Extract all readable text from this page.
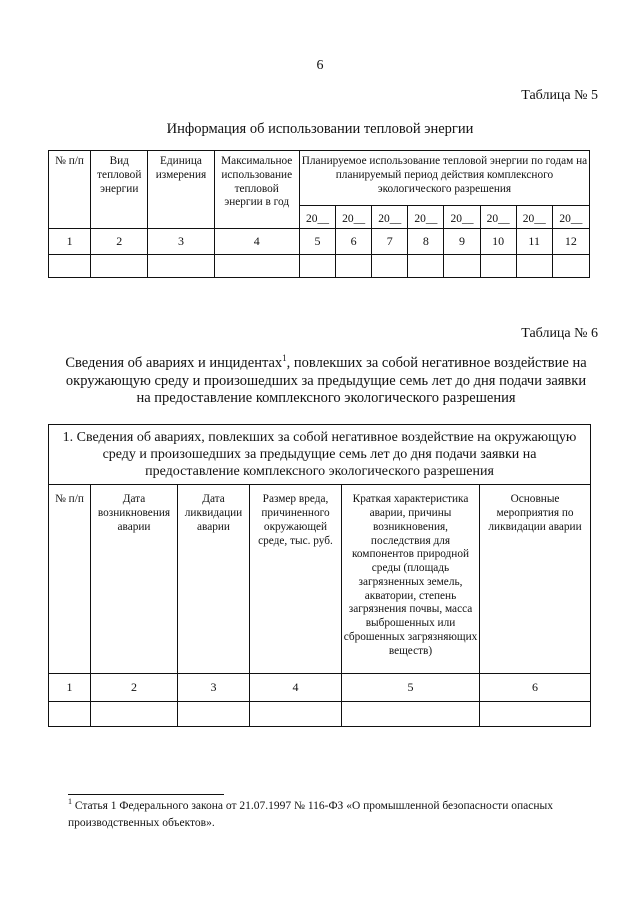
6
Таблица № 5
Информация об использовании тепловой энергии
№ п/п	Вид тепловой энергии	Единица измерения	Максимальное использование тепловой энергии в год	Планируемое использование тепловой энергии по годам на планируемый период действия комплексного экологического разрешения							
				20__	20__	20__	20__	20__	20__	20__	20__
1	2	3	4	5	6	7	8	9	10	11	12

Таблица № 6
Сведения об авариях и инцидентах$^1$, повлекших за собой негативное воздействие на окружающую среду и произошедших за предыдущие семь лет до дня подачи заявки на предоставление комплексного экологического разрешения
1. Сведения об авариях, повлекших за собой негативное воздействие на окружающую среду и произошедших за предыдущие семь лет до дня подачи заявки на предоставление комплексного экологического разрешения					
№ п/п	Дата возникновения аварии	Дата ликвидации аварии	Размер вреда, причиненного окружающей среде, тыс. руб.	Краткая характеристика аварии, причины возникновения, последствия для компонентов природной среды (площадь загрязненных земель, акватории, степень загрязнения почвы, масса выброшенных или сброшенных загрязняющих веществ)	Основные мероприятия по ликвидации аварии
1	2	3	4	5	6

$^1$ Статья 1 Федерального закона от 21.07.1997 № 116-ФЗ «О промышленной безопасности опасных производственных объектов».
